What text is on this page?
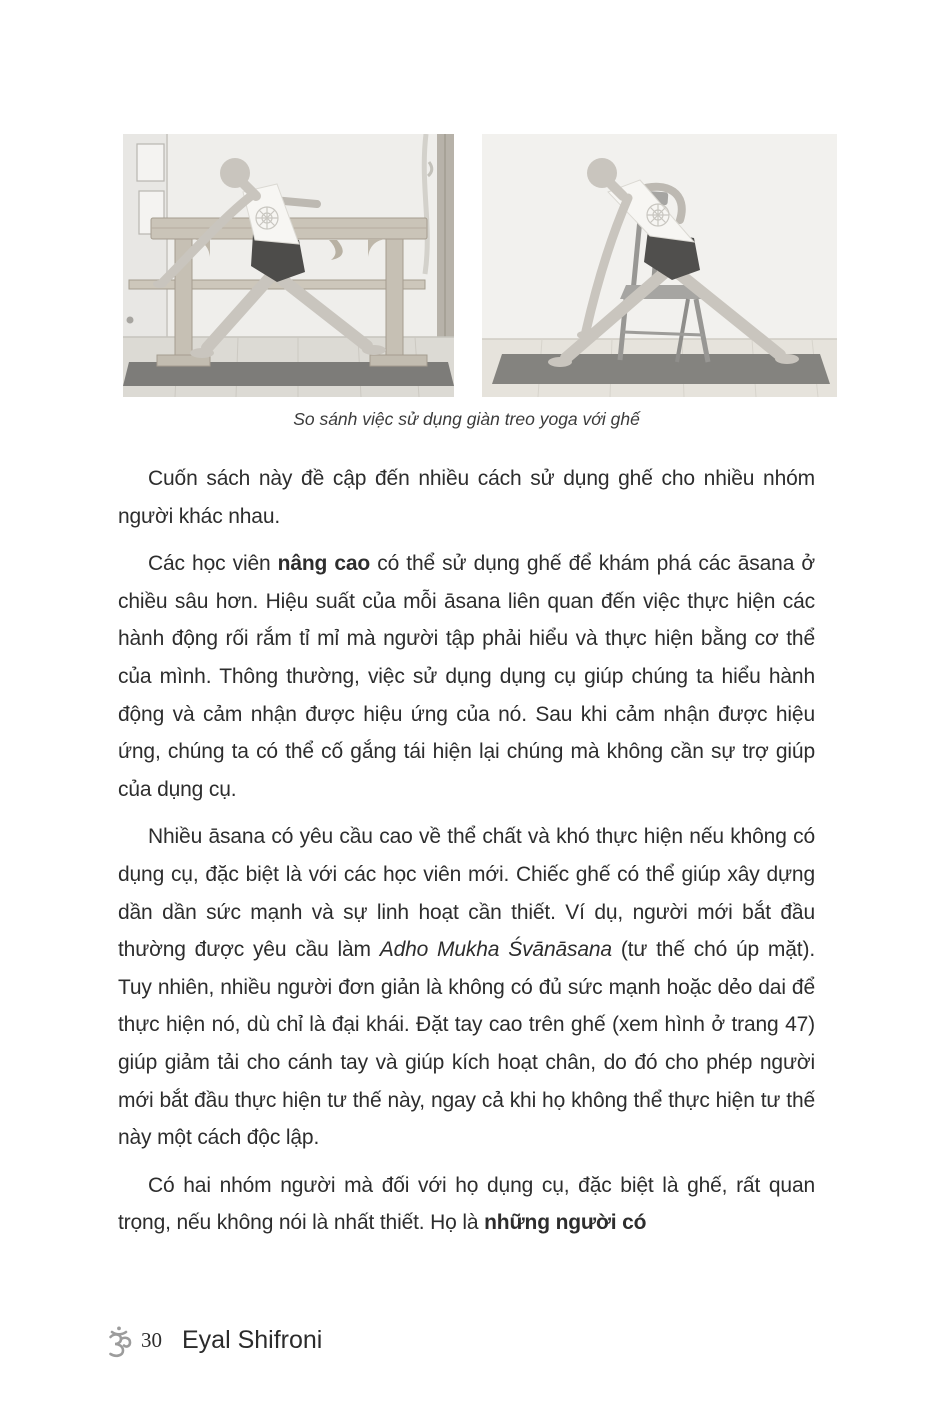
So sánh việc sử dụng giàn treo yoga với ghế

Cuốn sách này đề cập đến nhiều cách sử dụng ghế cho nhiều nhóm người khác nhau.

Các học viên nâng cao có thể sử dụng ghế để khám phá các āsana ở chiều sâu hơn. Hiệu suất của mỗi āsana liên quan đến việc thực hiện các hành động rối rắm tỉ mỉ mà người tập phải hiểu và thực hiện bằng cơ thể của mình. Thông thường, việc sử dụng dụng cụ giúp chúng ta hiểu hành động và cảm nhận được hiệu ứng của nó. Sau khi cảm nhận được hiệu ứng, chúng ta có thể cố gắng tái hiện lại chúng mà không cần sự trợ giúp của dụng cụ.

Nhiều āsana có yêu cầu cao về thể chất và khó thực hiện nếu không có dụng cụ, đặc biệt là với các học viên mới. Chiếc ghế có thể giúp xây dựng dần dần sức mạnh và sự linh hoạt cần thiết. Ví dụ, người mới bắt đầu thường được yêu cầu làm Adho Mukha Śvānāsana (tư thế chó úp mặt). Tuy nhiên, nhiều người đơn giản là không có đủ sức mạnh hoặc dẻo dai để thực hiện nó, dù chỉ là đại khái. Đặt tay cao trên ghế (xem hình ở trang 47) giúp giảm tải cho cánh tay và giúp kích hoạt chân, do đó cho phép người mới bắt đầu thực hiện tư thế này, ngay cả khi họ không thể thực hiện tư thế này một cách độc lập.

Có hai nhóm người mà đối với họ dụng cụ, đặc biệt là ghế, rất quan trọng, nếu không nói là nhất thiết. Họ là những người có

30 Eyal Shifroni
